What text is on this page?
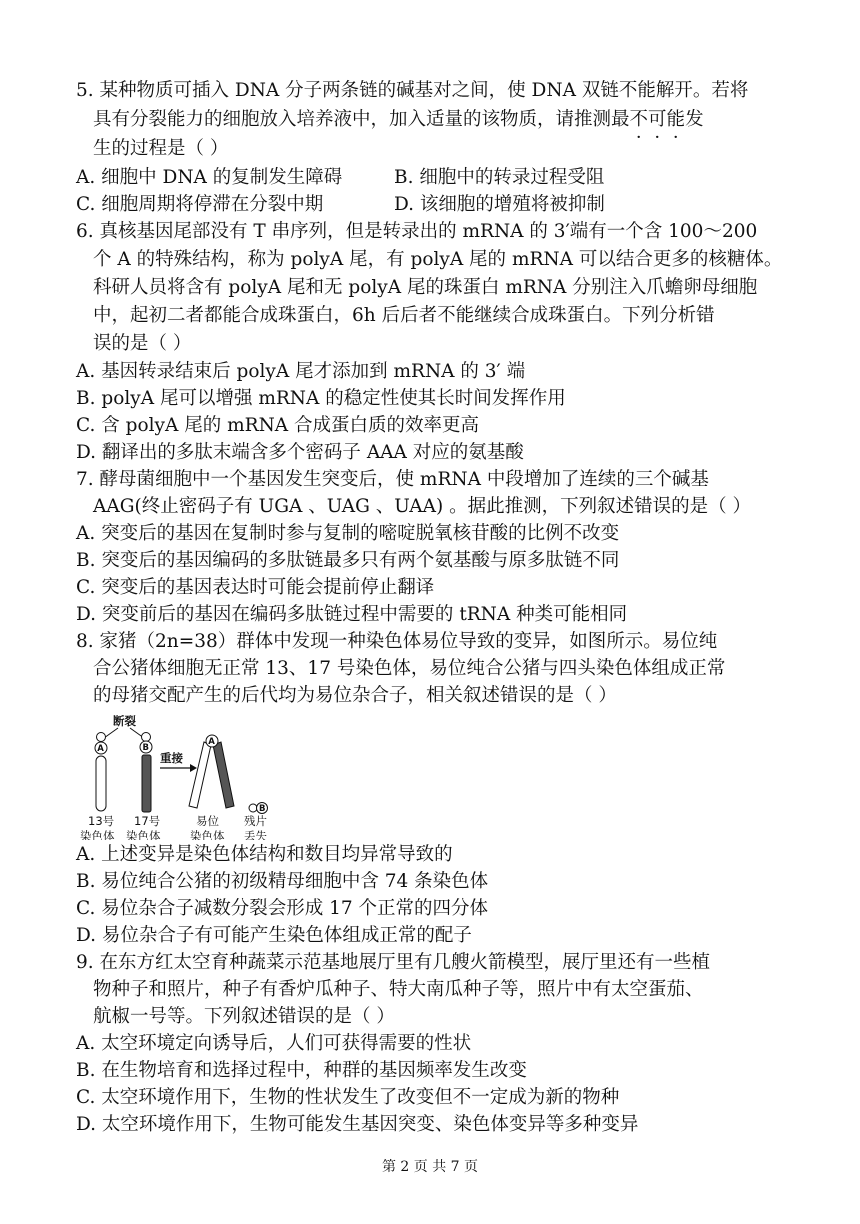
5. 某种物质可插入 DNA 分子两条链的碱基对之间，使 DNA 双链不能解开。若将
具有分裂能力的细胞放入培养液中，加入适量的该物质，请推测最不
·
可
·
能
·
发
生的过程是（ ）
A. 细胞中 DNA 的复制发生障碍	B. 细胞中的转录过程受阻
C. 细胞周期将停滞在分裂中期	D. 该细胞的增殖将被抑制
6. 真核基因尾部没有 T 串序列，但是转录出的 mRNA 的 3′端有一个含 100～200
个 A 的特殊结构，称为 polyA 尾，有 polyA 尾的 mRNA 可以结合更多的核糖体。
科研人员将含有 polyA 尾和无 polyA 尾的珠蛋白 mRNA 分别注入爪蟾卵母细胞
中，起初二者都能合成珠蛋白，6h 后后者不能继续合成珠蛋白。下列分析错
误的是（ ）
A. 基因转录结束后 polyA 尾才添加到 mRNA 的 3′ 端
B. polyA 尾可以增强 mRNA 的稳定性使其长时间发挥作用
C. 含 polyA 尾的 mRNA 合成蛋白质的效率更高
D. 翻译出的多肽末端含多个密码子 AAA 对应的氨基酸
7. 酵母菌细胞中一个基因发生突变后，使 mRNA 中段增加了连续的三个碱基
AAG(终止密码子有 UGA 、UAG 、UAA) 。据此推测，下列叙述错误的是（ ）
A. 突变后的基因在复制时参与复制的嘧啶脱氧核苷酸的比例不改变
B. 突变后的基因编码的多肽链最多只有两个氨基酸与原多肽链不同
C. 突变后的基因表达时可能会提前停止翻译
D. 突变前后的基因在编码多肽链过程中需要的 tRNA 种类可能相同
8. 家猪（2n=38）群体中发现一种染色体易位导致的变异，如图所示。易位纯
合公猪体细胞无正常 13、17 号染色体，易位纯合公猪与四头染色体组成正常
的母猪交配产生的后代均为易位杂合子，相关叙述错误的是（ ）
断裂
A
13号
染色体
B
17号
染色体
重接
A
易位
染色体
B
残片
丢失
A. 上述变异是染色体结构和数目均异常导致的
B. 易位纯合公猪的初级精母细胞中含 74 条染色体
C. 易位杂合子减数分裂会形成 17 个正常的四分体
D. 易位杂合子有可能产生染色体组成正常的配子
9. 在东方红太空育种蔬菜示范基地展厅里有几艘火箭模型，展厅里还有一些植
物种子和照片，种子有香炉瓜种子、特大南瓜种子等，照片中有太空蛋茄、
航椒一号等。下列叙述错误的是（ ）
A. 太空环境定向诱导后，人们可获得需要的性状
B. 在生物培育和选择过程中，种群的基因频率发生改变
C. 太空环境作用下，生物的性状发生了改变但不一定成为新的物种
D. 太空环境作用下，生物可能发生基因突变、染色体变异等多种变异
第 2 页 共 7 页
